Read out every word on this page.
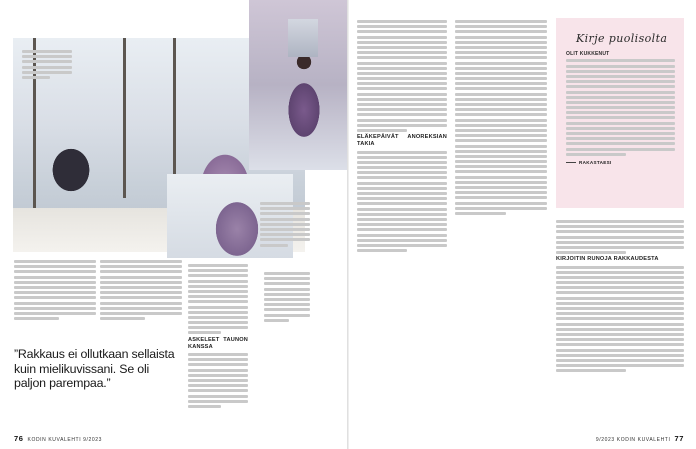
”Rakkaus ei ollutkaan sellaista kuin mielikuvissani. Se oli paljon parempaa.”
ASKELEET TAUNON KANSSA
76 KODIN KUVALEHTI 9/2023
ELÄKEPÄIVÄT ANOREKSIAN TAKIA
Kirje puolisolta
OLIT KUKKENUT
RAKASTAESI
KIRJOITIN RUNOJA RAKKAUDESTA
9/2023 KODIN KUVALEHTI 77
